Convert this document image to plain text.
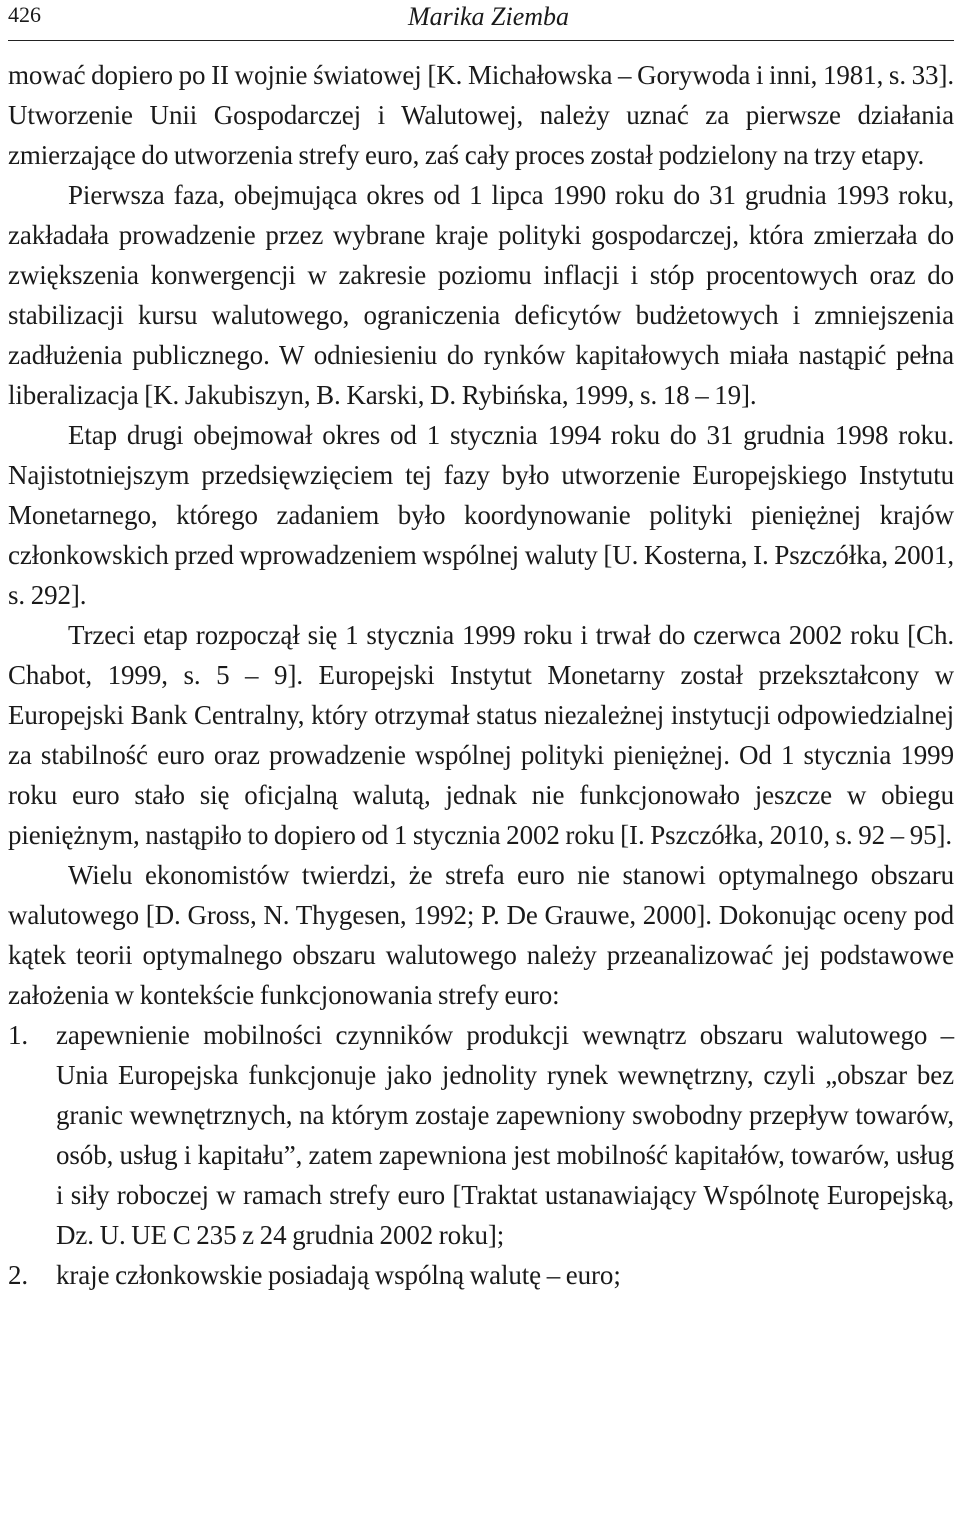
426	Marika Ziemba

mować dopiero po II wojnie światowej [K. Michałowska – Gorywoda i inni, 1981, s. 33]. Utworzenie Unii Gospodarczej i Walutowej, należy uznać za pierwsze działania zmierzające do utworzenia strefy euro, zaś cały proces został podzielony na trzy etapy.

Pierwsza faza, obejmująca okres od 1 lipca 1990 roku do 31 grudnia 1993 roku, zakładała prowadzenie przez wybrane kraje polityki gospodarczej, która zmierzała do zwiększenia konwergencji w zakresie poziomu inflacji i stóp procentowych oraz do stabilizacji kursu walutowego, ograniczenia deficytów budżetowych i zmniejszenia zadłużenia publicznego. W odniesieniu do rynków kapitałowych miała nastąpić pełna liberalizacja [K. Jakubiszyn, B. Karski, D. Rybińska, 1999, s. 18 – 19].

Etap drugi obejmował okres od 1 stycznia 1994 roku do 31 grudnia 1998 roku. Najistotniejszym przedsięwzięciem tej fazy było utworzenie Europejskiego Instytutu Monetarnego, którego zadaniem było koordynowanie polityki pieniężnej krajów członkowskich przed wprowadzeniem wspólnej waluty [U. Kosterna, I. Pszczółka, 2001, s. 292].

Trzeci etap rozpoczął się 1 stycznia 1999 roku i trwał do czerwca 2002 roku [Ch. Chabot, 1999, s. 5 – 9]. Europejski Instytut Monetarny został przekształcony w Europejski Bank Centralny, który otrzymał status niezależnej instytucji odpowiedzialnej za stabilność euro oraz prowadzenie wspólnej polityki pieniężnej. Od 1 stycznia 1999 roku euro stało się oficjalną walutą, jednak nie funkcjonowało jeszcze w obiegu pieniężnym, nastąpiło to dopiero od 1 stycznia 2002 roku [I. Pszczółka, 2010, s. 92 – 95].

Wielu ekonomistów twierdzi, że strefa euro nie stanowi optymalnego obszaru walutowego [D. Gross, N. Thygesen, 1992; P. De Grauwe, 2000]. Dokonując oceny pod kątek teorii optymalnego obszaru walutowego należy przeanalizować jej podstawowe założenia w kontekście funkcjonowania strefy euro:

1. zapewnienie mobilności czynników produkcji wewnątrz obszaru walutowego – Unia Europejska funkcjonuje jako jednolity rynek wewnętrzny, czyli „obszar bez granic wewnętrznych, na którym zostaje zapewniony swobodny przepływ towarów, osób, usług i kapitału”, zatem zapewniona jest mobilność kapitałów, towarów, usług i siły roboczej w ramach strefy euro [Traktat ustanawiający Wspólnotę Europejską, Dz. U. UE C 235 z 24 grudnia 2002 roku];
2. kraje członkowskie posiadają wspólną walutę – euro;
